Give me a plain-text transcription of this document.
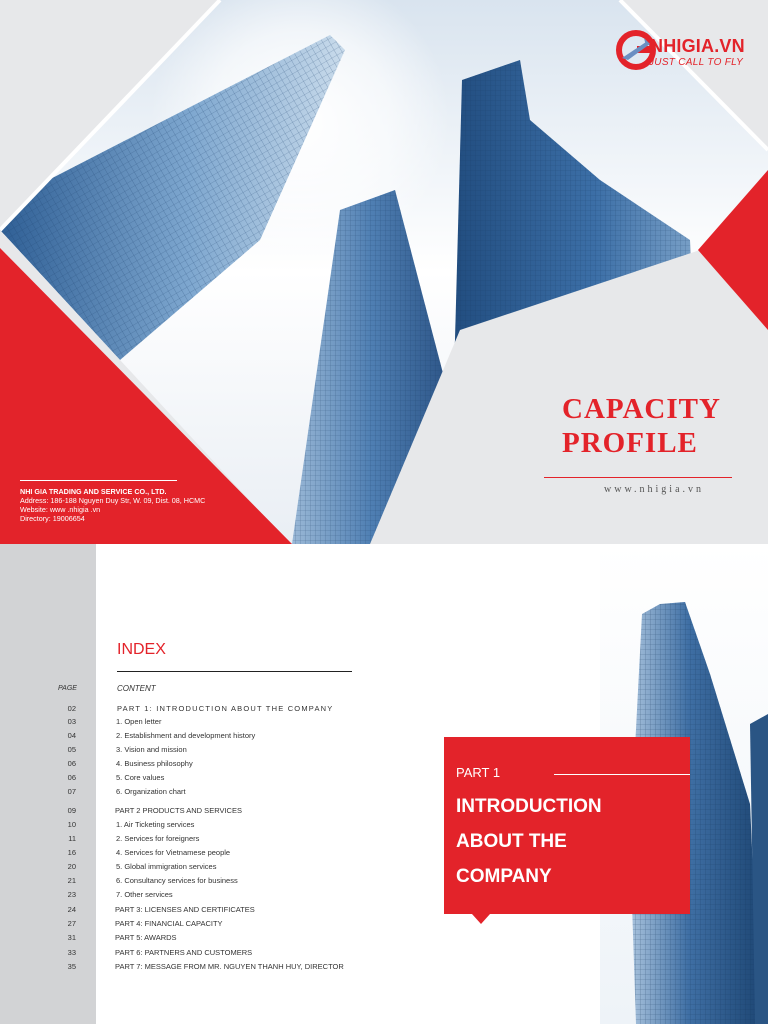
NHIGIA.VN
JUST CALL TO FLY
CAPACITY
PROFILE
www.nhigia.vn
NHI GIA TRADING AND SERVICE CO., LTD.
Address: 186-188 Nguyen Duy Str, W. 09, Dist. 08, HCMC
Website: www .nhigia .vn
Directory: 19006654
INDEX
PAGE	CONTENT
02	PART 1: INTRODUCTION ABOUT THE COMPANY
03	1. Open letter
04	2. Establishment and development history
05	3. Vision and mission
06	4. Business philosophy
06	5. Core values
07	6. Organization chart
09	PART 2 PRODUCTS AND SERVICES
10	1. Air Ticketing services
11	2. Services for foreigners
16	4. Services for Vietnamese people
20	5. Global immigration services
21	6. Consultancy services for business
23	7. Other services
24	PART 3: LICENSES AND CERTIFICATES
27	PART 4: FINANCIAL CAPACITY
31	PART 5: AWARDS
33	PART 6: PARTNERS AND CUSTOMERS
35	PART 7: MESSAGE FROM MR. NGUYEN THANH HUY, DIRECTOR
PART 1
INTRODUCTION
ABOUT THE
COMPANY
